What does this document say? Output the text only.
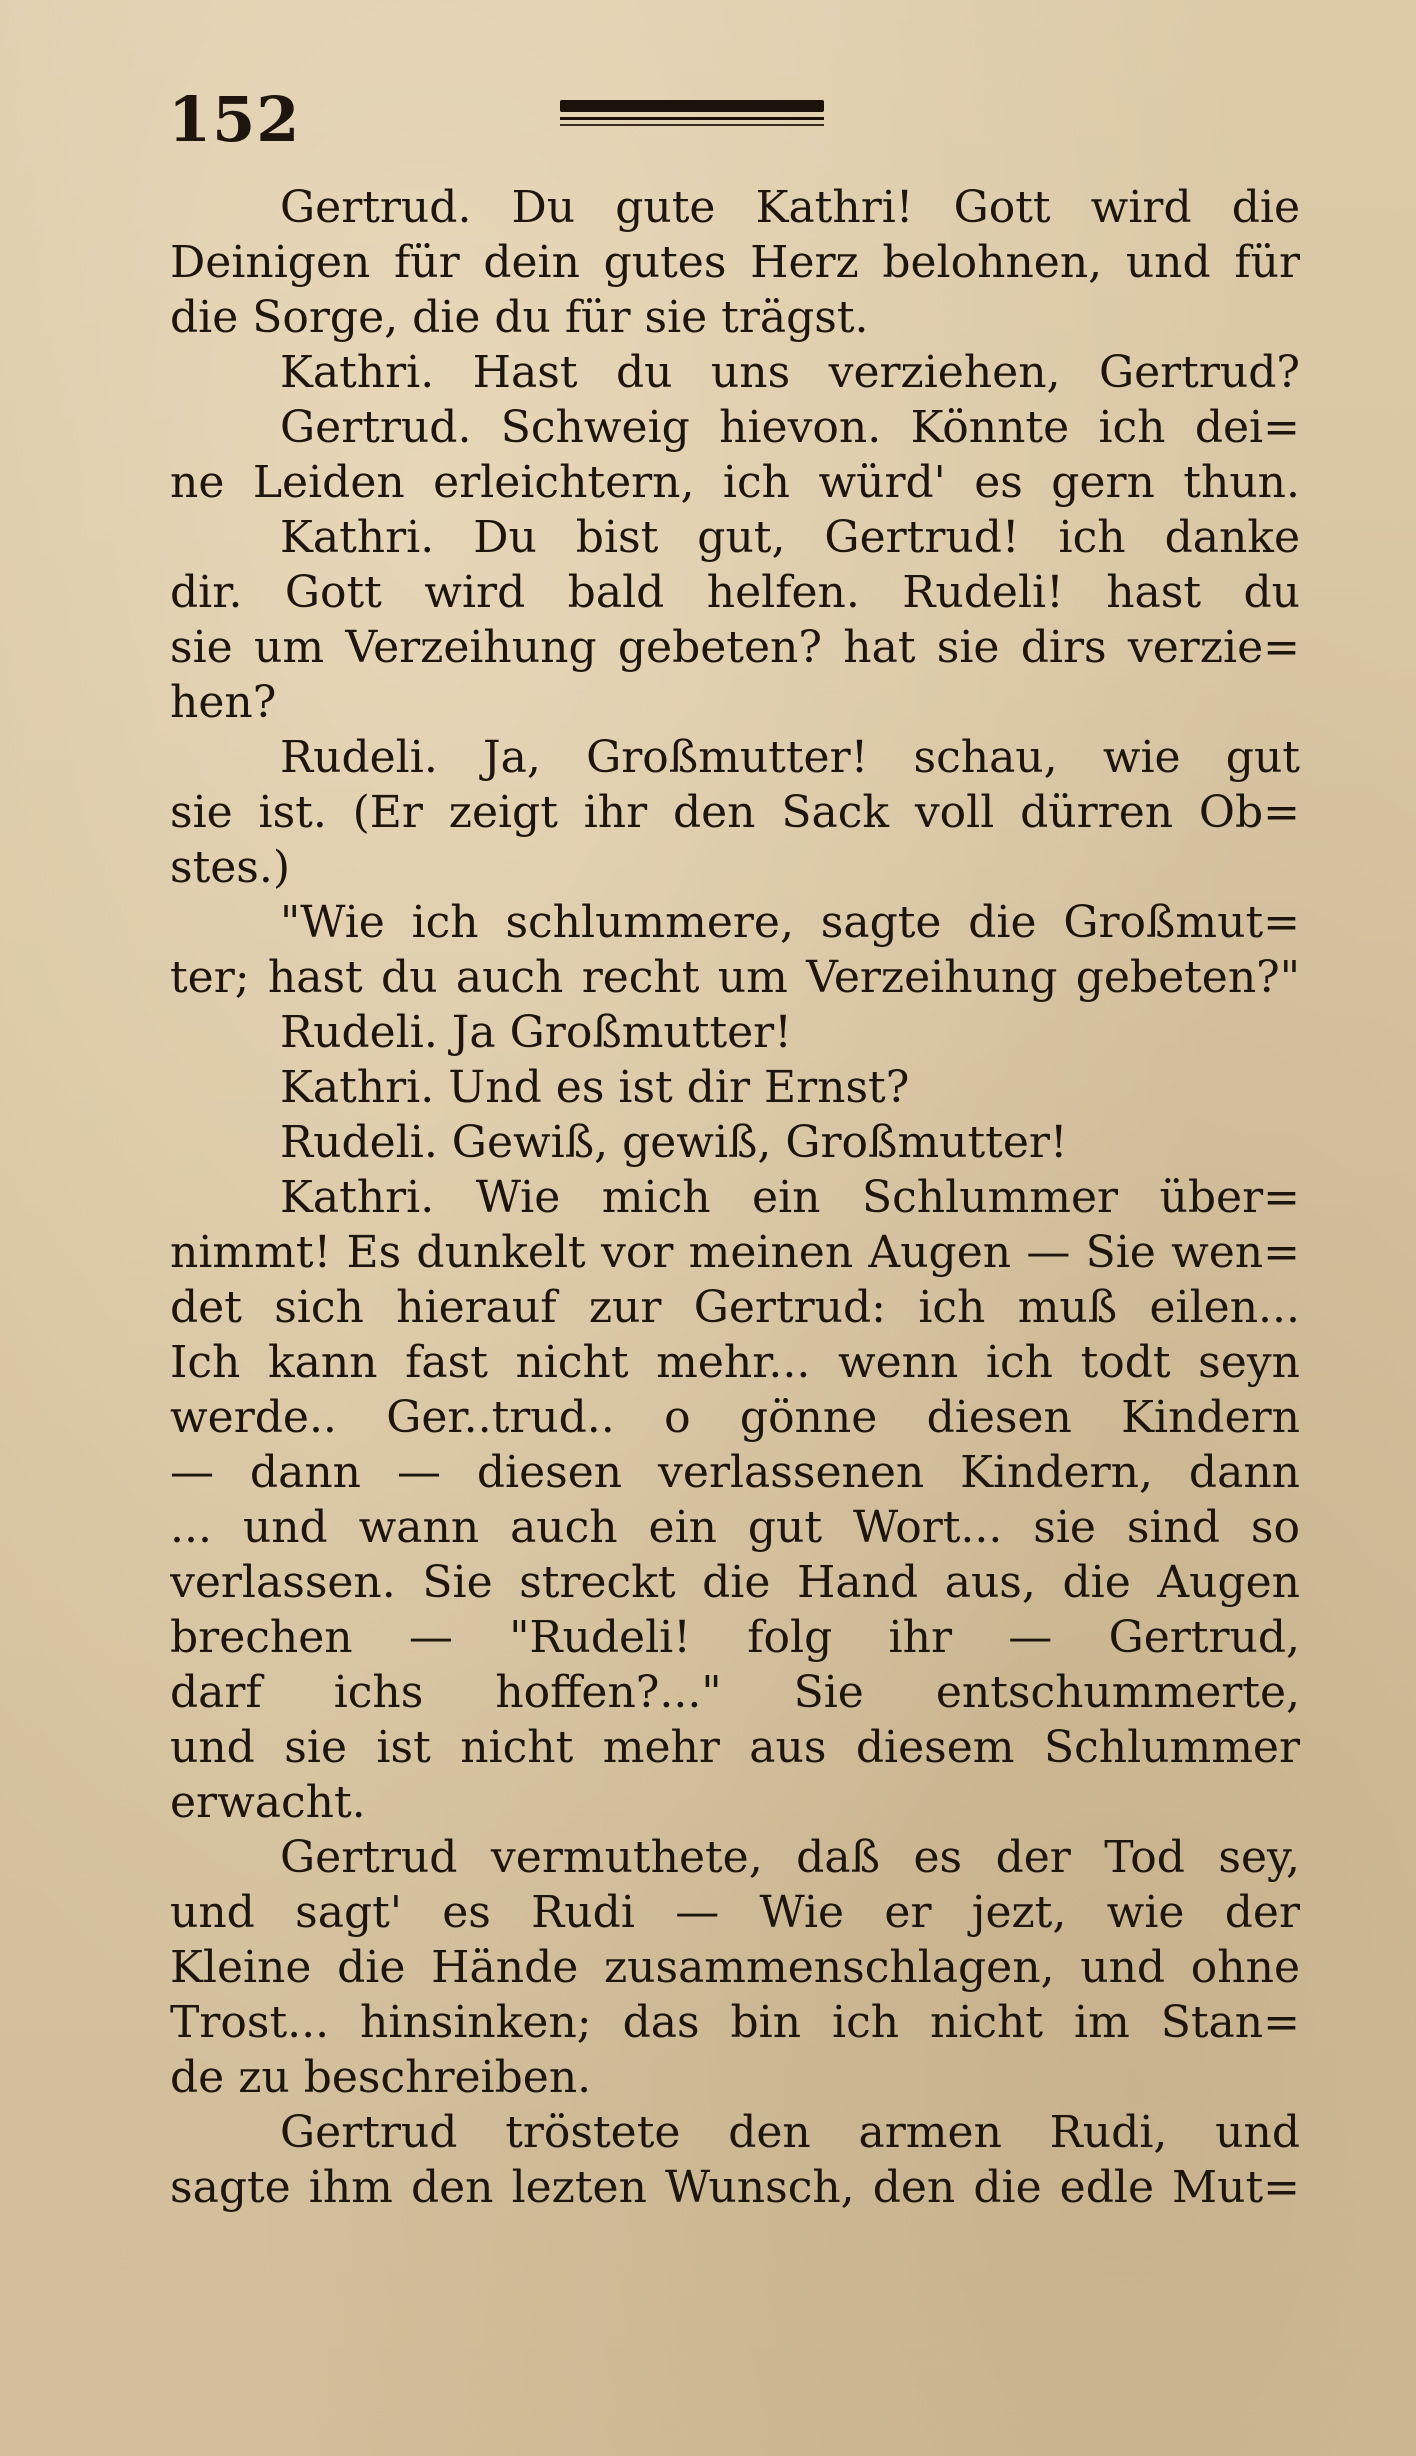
152
Gertrud. Du gute Kathri! Gott wird die
Deinigen für dein gutes Herz belohnen, und für
die Sorge, die du für sie trägst.
Kathri. Hast du uns verziehen, Gertrud?
Gertrud. Schweig hievon. Könnte ich dei=
ne Leiden erleichtern, ich würd' es gern thun.
Kathri. Du bist gut, Gertrud! ich danke
dir. Gott wird bald helfen. Rudeli! hast du
sie um Verzeihung gebeten? hat sie dirs verzie=
hen?
Rudeli. Ja, Großmutter! schau, wie gut
sie ist. (Er zeigt ihr den Sack voll dürren Ob=
stes.)
"Wie ich schlummere, sagte die Großmut=
ter; hast du auch recht um Verzeihung gebeten?"
Rudeli. Ja Großmutter!
Kathri. Und es ist dir Ernst?
Rudeli. Gewiß, gewiß, Großmutter!
Kathri. Wie mich ein Schlummer über=
nimmt! Es dunkelt vor meinen Augen — Sie wen=
det sich hierauf zur Gertrud: ich muß eilen...
Ich kann fast nicht mehr... wenn ich todt seyn
werde.. Ger..trud.. o gönne diesen Kindern
— dann — diesen verlassenen Kindern, dann
... und wann auch ein gut Wort... sie sind so
verlassen. Sie streckt die Hand aus, die Augen
brechen — "Rudeli! folg ihr — Gertrud,
darf ichs hoffen?..." Sie entschummerte,
und sie ist nicht mehr aus diesem Schlummer
erwacht.
Gertrud vermuthete, daß es der Tod sey,
und sagt' es Rudi — Wie er jezt, wie der
Kleine die Hände zusammenschlagen, und ohne
Trost... hinsinken; das bin ich nicht im Stan=
de zu beschreiben.
Gertrud tröstete den armen Rudi, und
sagte ihm den lezten Wunsch, den die edle Mut=
